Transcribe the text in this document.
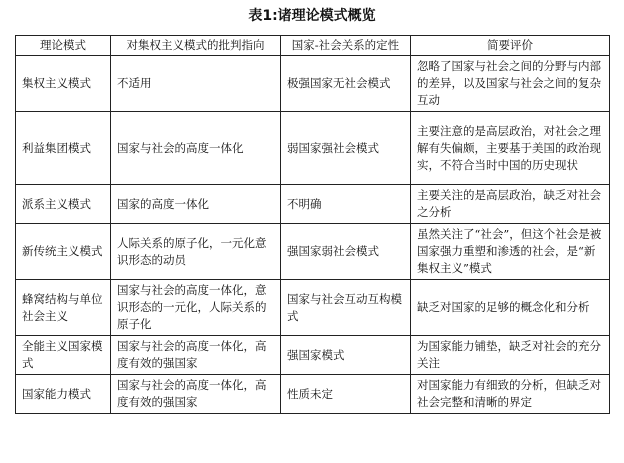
表1:诸理论模式概览
理论模式	对集权主义模式的批判指向	国家-社会关系的定性	简要评价
集权主义模式	不适用	极强国家无社会模式	忽略了国家与社会之间的分野与内部的差异，以及国家与社会之间的复杂互动
利益集团模式	国家与社会的高度一体化	弱国家强社会模式	主要注意的是高层政治，对社会之理解有失偏颇，主要基于美国的政治现实，不符合当时中国的历史现状
派系主义模式	国家的高度一体化	不明确	主要关注的是高层政治，缺乏对社会之分析
新传统主义模式	人际关系的原子化，一元化意识形态的动员	强国家弱社会模式	虽然关注了“社会”，但这个社会是被国家强力重塑和渗透的社会，是“新集权主义”模式
蜂窝结构与单位社会主义	国家与社会的高度一体化，意识形态的一元化，人际关系的原子化	国家与社会互动互构模式	缺乏对国家的足够的概念化和分析
全能主义国家模式	国家与社会的高度一体化，高度有效的强国家	强国家模式	为国家能力铺垫，缺乏对社会的充分关注
国家能力模式	国家与社会的高度一体化，高度有效的强国家	性质未定	对国家能力有细致的分析，但缺乏对社会完整和清晰的界定
